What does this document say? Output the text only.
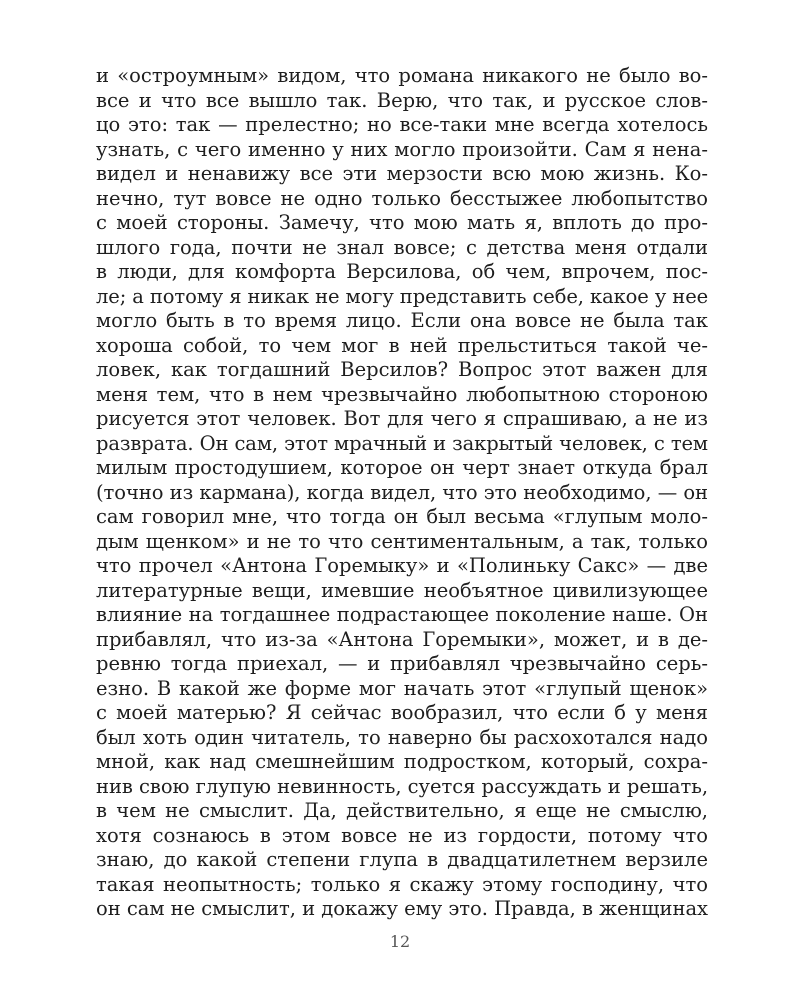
и «остроумным» видом, что романа никакого не было во-
все и что все вышло так. Верю, что так, и русское слов-
цо это: так — прелестно; но все-таки мне всегда хотелось
узнать, с чего именно у них могло произойти. Сам я нена-
видел и ненавижу все эти мерзости всю мою жизнь. Ко-
нечно, тут вовсе не одно только бесстыжее любопытство
с моей стороны. Замечу, что мою мать я, вплоть до про-
шлого года, почти не знал вовсе; с детства меня отдали
в люди, для комфорта Версилова, об чем, впрочем, пос-
ле; а потому я никак не могу представить себе, какое у нее
могло быть в то время лицо. Если она вовсе не была так
хороша собой, то чем мог в ней прельститься такой че-
ловек, как тогдашний Версилов? Вопрос этот важен для
меня тем, что в нем чрезвычайно любопытною стороною
рисуется этот человек. Вот для чего я спрашиваю, а не из
разврата. Он сам, этот мрачный и закрытый человек, с тем
милым простодушием, которое он черт знает откуда брал
(точно из кармана), когда видел, что это необходимо, — он
сам говорил мне, что тогда он был весьма «глупым моло-
дым щенком» и не то что сентиментальным, а так, только
что прочел «Антона Горемыку» и «Полиньку Сакс» — две
литературные вещи, имевшие необъятное цивилизующее
влияние на тогдашнее подрастающее поколение наше. Он
прибавлял, что из-за «Антона Горемыки», может, и в де-
ревню тогда приехал, — и прибавлял чрезвычайно серь-
езно. В какой же форме мог начать этот «глупый щенок»
с моей матерью? Я сейчас вообразил, что если б у меня
был хоть один читатель, то наверно бы расхохотался надо
мной, как над смешнейшим подростком, который, сохра-
нив свою глупую невинность, суется рассуждать и решать,
в чем не смыслит. Да, действительно, я еще не смыслю,
хотя сознаюсь в этом вовсе не из гордости, потому что
знаю, до какой степени глупа в двадцатилетнем верзиле
такая неопытность; только я скажу этому господину, что
он сам не смыслит, и докажу ему это. Правда, в женщинах
12
